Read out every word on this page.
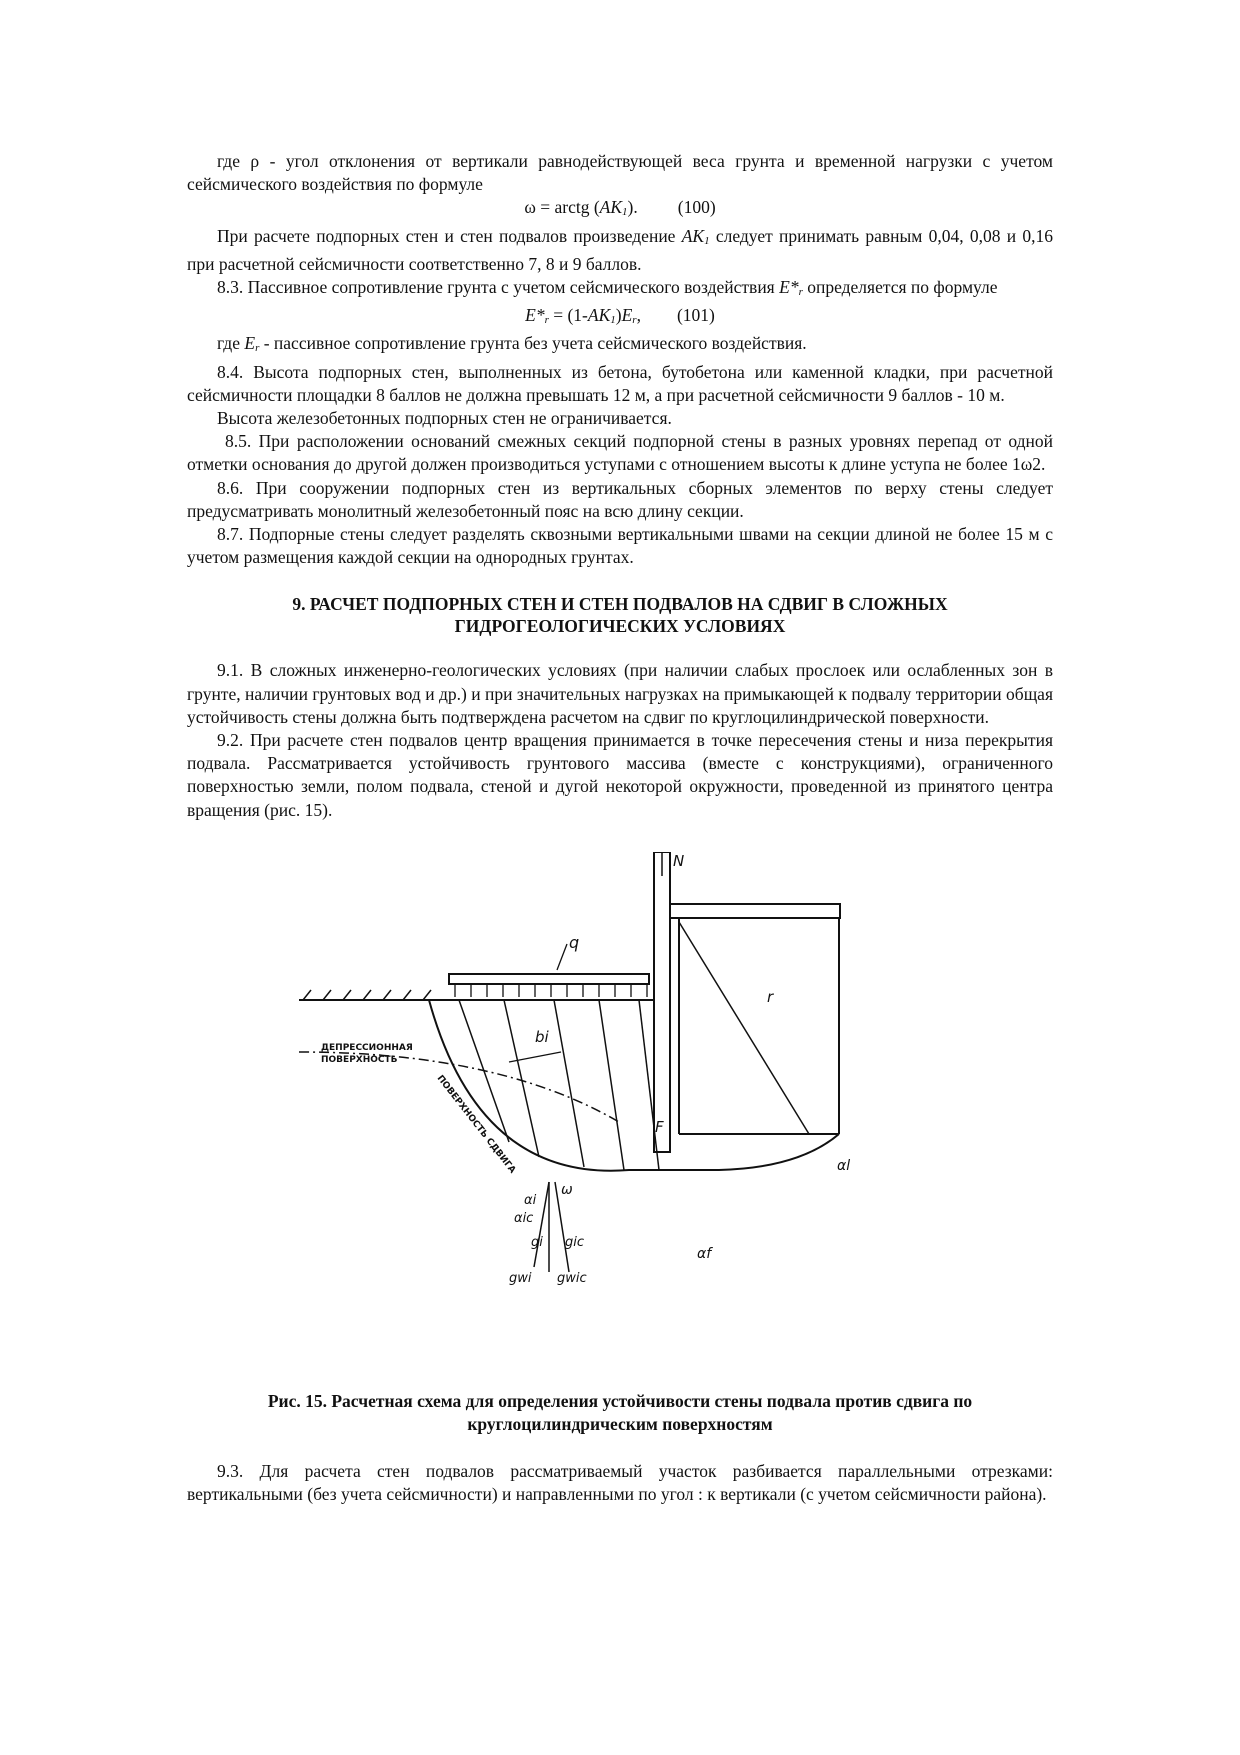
где ρ - угол отклонения от вертикали равнодействующей веса грунта и временной нагрузки с учетом сейсмического воздействия по формуле

ω = arctg (AK1). (100)

При расчете подпорных стен и стен подвалов произведение AK1 следует принимать равным 0,04, 0,08 и 0,16 при расчетной сейсмичности соответственно 7, 8 и 9 баллов.

8.3. Пассивное сопротивление грунта с учетом сейсмического воздействия E*r определяется по формуле

E*r = (1-AK1)Er, (101)

где Er - пассивное сопротивление грунта без учета сейсмического воздействия.

8.4. Высота подпорных стен, выполненных из бетона, бутобетона или каменной кладки, при расчетной сейсмичности площадки 8 баллов не должна превышать 12 м, а при расчетной сейсмичности 9 баллов - 10 м.

Высота железобетонных подпорных стен не ограничивается.

8.5. При расположении оснований смежных секций подпорной стены в разных уровнях перепад от одной отметки основания до другой должен производиться уступами с отношением высоты к длине уступа не более 1ω2.

8.6. При сооружении подпорных стен из вертикальных сборных элементов по верху стены следует предусматривать монолитный железобетонный пояс на всю длину секции.

8.7. Подпорные стены следует разделять сквозными вертикальными швами на секции длиной не более 15 м с учетом размещения каждой секции на однородных грунтах.

9. РАСЧЕТ ПОДПОРНЫХ СТЕН И СТЕН ПОДВАЛОВ НА СДВИГ В СЛОЖНЫХ ГИДРОГЕОЛОГИЧЕСКИХ УСЛОВИЯХ

9.1. В сложных инженерно-геологических условиях (при наличии слабых прослоек или ослабленных зон в грунте, наличии грунтовых вод и др.) и при значительных нагрузках на примыкающей к подвалу территории общая устойчивость стены должна быть подтверждена расчетом на сдвиг по круглоцилиндрической поверхности.

9.2. При расчете стен подвалов центр вращения принимается в точке пересечения стены и низа перекрытия подвала. Рассматривается устойчивость грунтового массива (вместе с конструкциями), ограниченного поверхностью земли, полом подвала, стеной и дугой некоторой окружности, проведенной из принятого центра вращения (рис. 15).

q
N
r
bi
ДЕПРЕССИОННАЯ
ПОВЕРХНОСТЬ
ПОВЕРХНОСТЬ СДВИГА	F
ω
αl
αf
αi
αic
gi gic
gwi gwic
Рис. 15. Расчетная схема для определения устойчивости стены подвала против сдвига по круглоцилиндрическим поверхностям

9.3. Для расчета стен подвалов рассматриваемый участок разбивается параллельными отрезками: вертикальными (без учета сейсмичности) и направленными по угол : к вертикали (с учетом сейсмичности района).
